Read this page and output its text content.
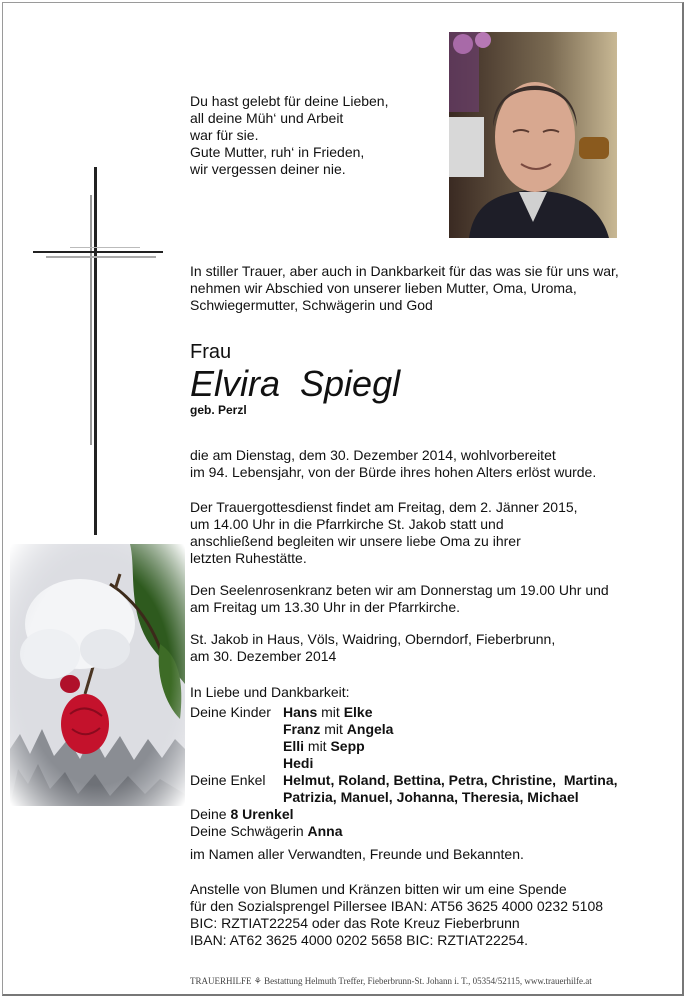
Du hast gelebt für deine Lieben,
all deine Müh‘ und Arbeit
war für sie.
Gute Mutter, ruh‘ in Frieden,
wir vergessen deiner nie.
In stiller Trauer, aber auch in Dankbarkeit für das was sie für uns war,
nehmen wir Abschied von unserer lieben Mutter, Oma, Uroma,
Schwiegermutter, Schwägerin und God
Frau
Elvira  Spiegl
geb. Perzl
die am Dienstag, dem 30. Dezember 2014, wohlvorbereitet
im 94. Lebensjahr, von der Bürde ihres hohen Alters erlöst wurde.
Der Trauergottesdienst findet am Freitag, dem 2. Jänner 2015,
um 14.00 Uhr in die Pfarrkirche St. Jakob statt und
anschließend begleiten wir unsere liebe Oma zu ihrer
letzten Ruhestätte.
Den Seelenrosenkranz beten wir am Donnerstag um 19.00 Uhr und
am Freitag um 13.30 Uhr in der Pfarrkirche.
St. Jakob in Haus, Völs, Waidring, Oberndorf, Fieberbrunn,
am 30. Dezember 2014
In Liebe und Dankbarkeit:
Deine Kinder Hans mit Elke
Franz mit Angela
Elli mit Sepp
Hedi
Deine Enkel	Helmut, Roland, Bettina, Petra, Christine,  Martina,
Patrizia, Manuel, Johanna, Theresia, Michael
Deine 8 Urenkel
Deine Schwägerin Anna
im Namen aller Verwandten, Freunde und Bekannten.
Anstelle von Blumen und Kränzen bitten wir um eine Spende
für den Sozialsprengel Pillersee IBAN: AT56 3625 4000 0232 5108
BIC: RZTIAT22254 oder das Rote Kreuz Fieberbrunn
IBAN: AT62 3625 4000 0202 5658 BIC: RZTIAT22254.
TRAUERHILFE ⚘ Bestattung Helmuth Treffer, Fieberbrunn-St. Johann i. T., 05354/52115, www.trauerhilfe.at
